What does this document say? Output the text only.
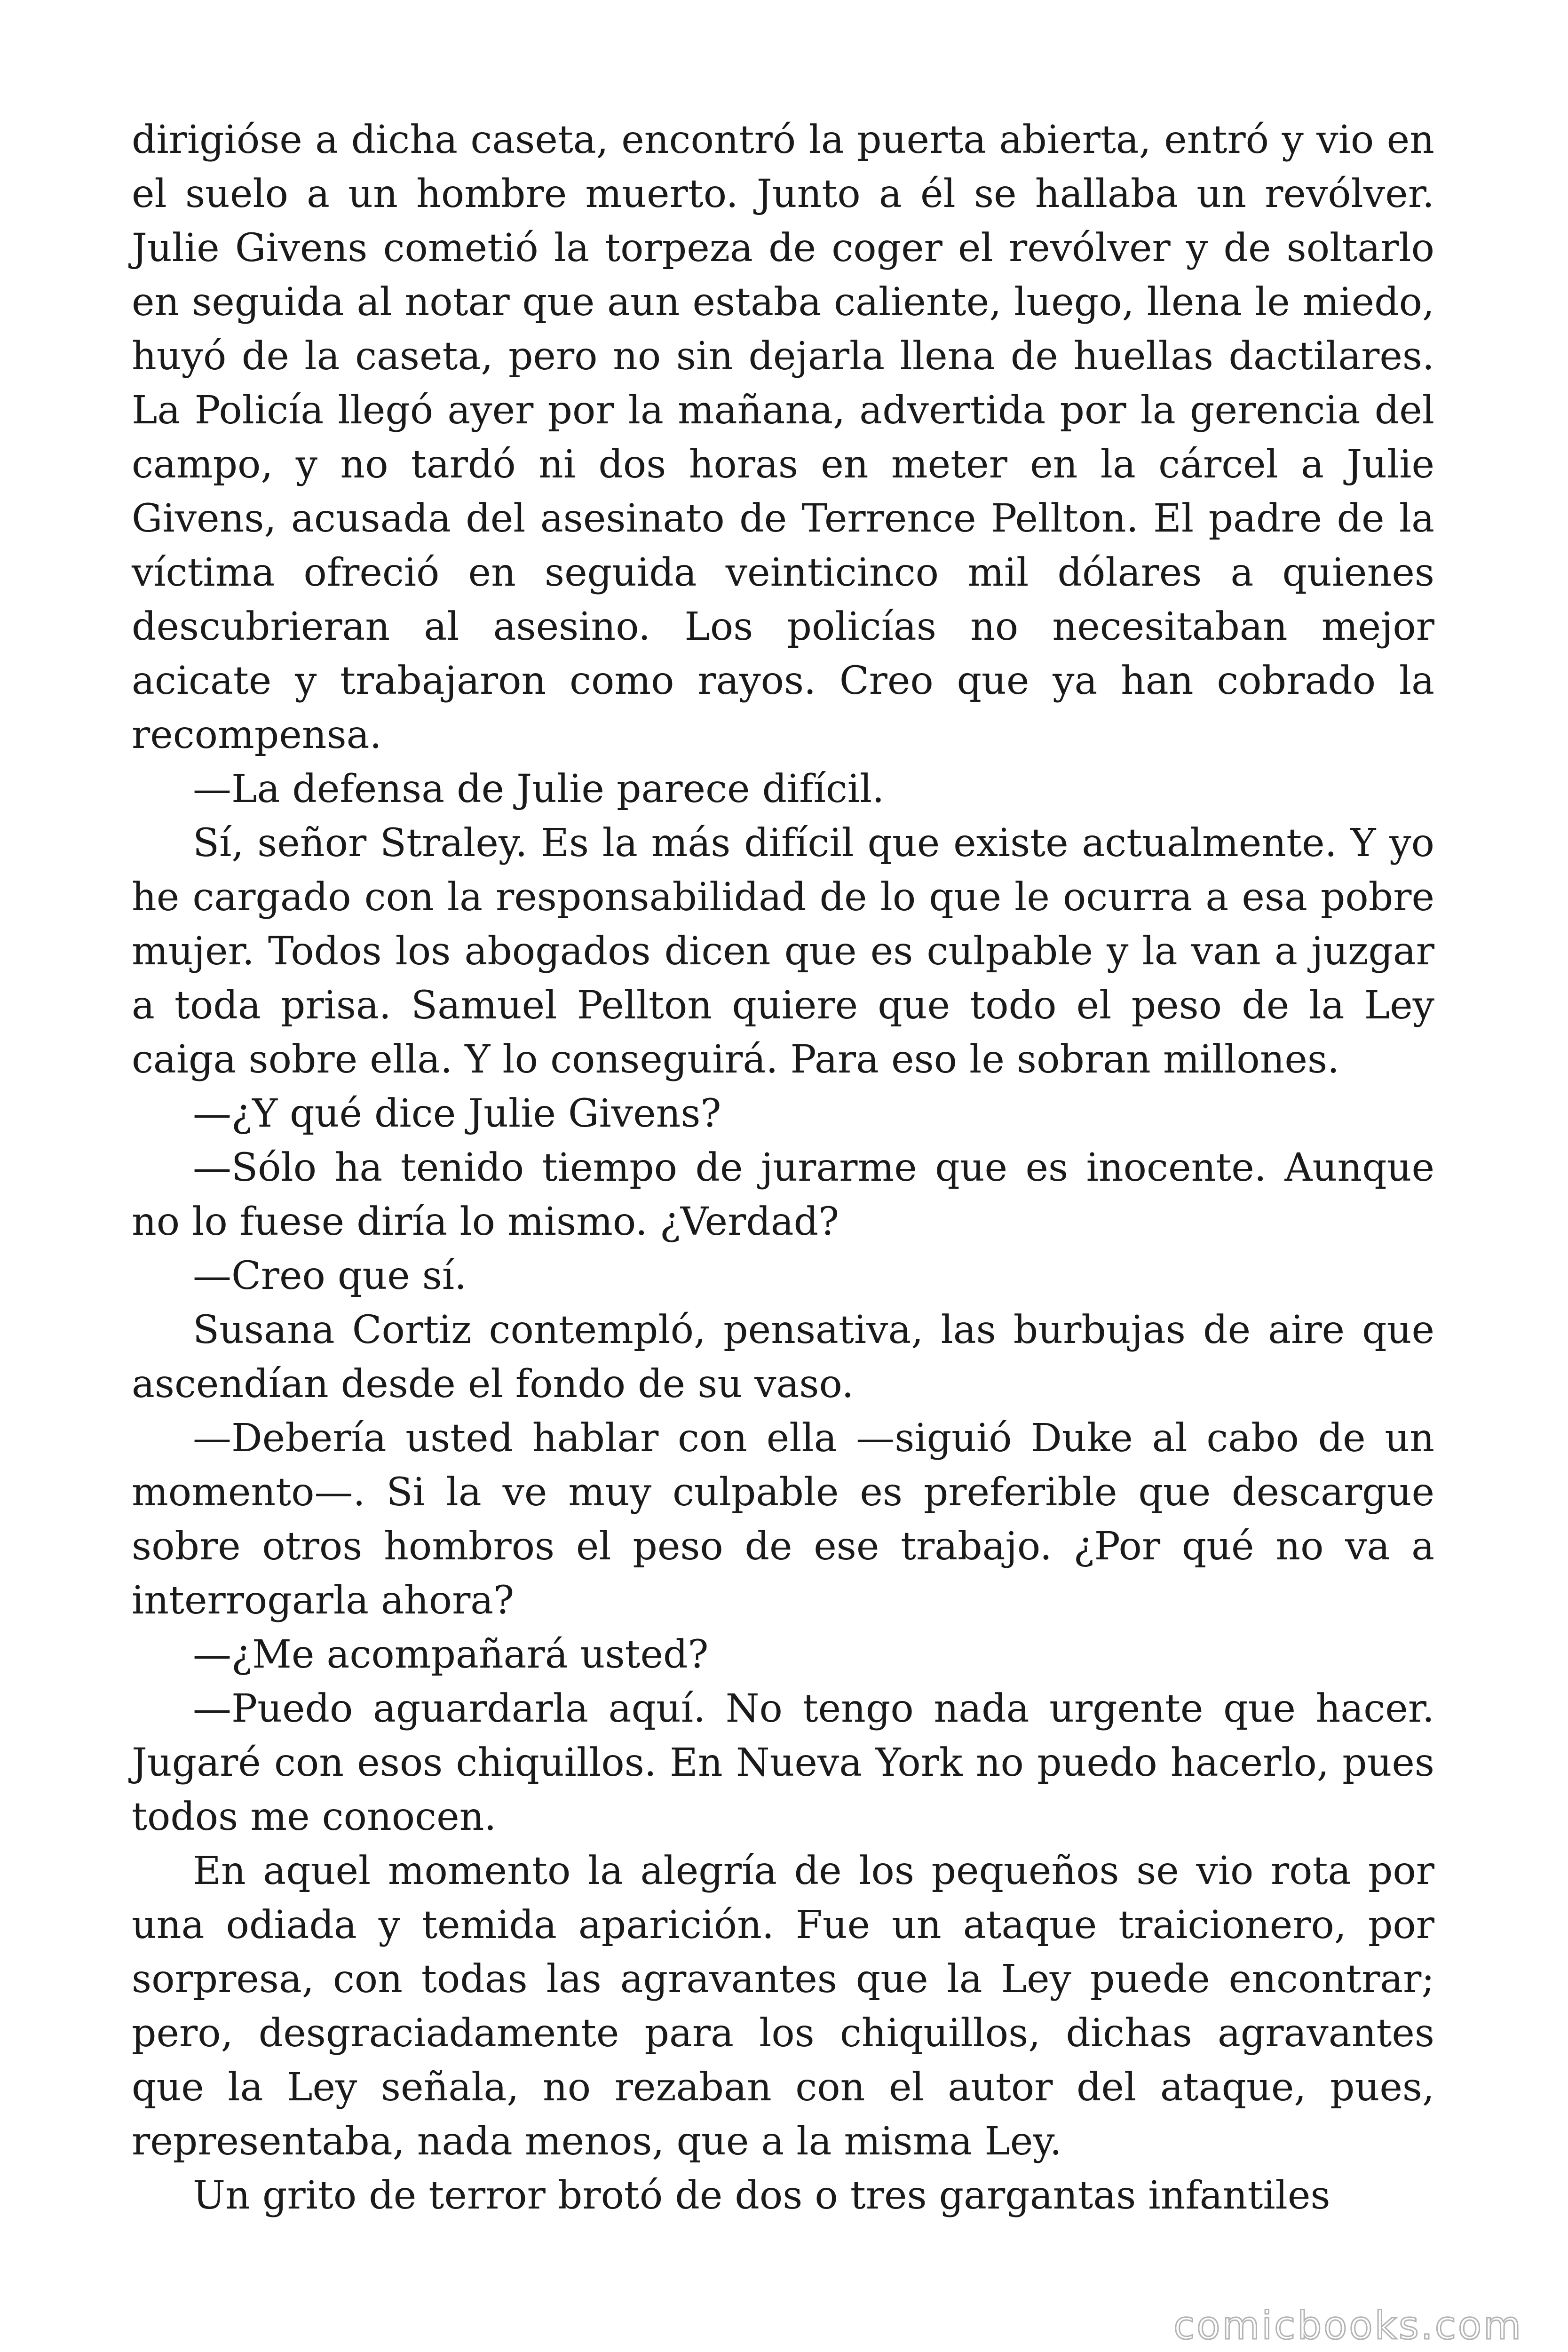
dirigióse a dicha caseta, encontró la puerta abierta, entró y vio en el suelo a un hombre muerto. Junto a él se hallaba un revólver. Julie Givens cometió la torpeza de coger el revólver y de soltarlo en seguida al notar que aun estaba caliente, luego, llena le miedo, huyó de la caseta, pero no sin dejarla llena de huellas dactilares. La Policía llegó ayer por la mañana, advertida por la gerencia del campo, y no tardó ni dos horas en meter en la cárcel a Julie Givens, acusada del asesinato de Terrence Pellton. El padre de la víctima ofreció en seguida veinticinco mil dólares a quienes descubrieran al asesino. Los policías no necesitaban mejor acicate y trabajaron como rayos. Creo que ya han cobrado la recompensa.

—La defensa de Julie parece difícil.

Sí, señor Straley. Es la más difícil que existe actualmente. Y yo he cargado con la responsabilidad de lo que le ocurra a esa pobre mujer. Todos los abogados dicen que es culpable y la van a juzgar a toda prisa. Samuel Pellton quiere que todo el peso de la Ley caiga sobre ella. Y lo conseguirá. Para eso le sobran millones.

—¿Y qué dice Julie Givens?

—Sólo ha tenido tiempo de jurarme que es inocente. Aunque no lo fuese diría lo mismo. ¿Verdad?

—Creo que sí.

Susana Cortiz contempló, pensativa, las burbujas de aire que ascendían desde el fondo de su vaso.

—Debería usted hablar con ella —siguió Duke al cabo de un momento—. Si la ve muy culpable es preferible que descargue sobre otros hombros el peso de ese trabajo. ¿Por qué no va a interrogarla ahora?

—¿Me acompañará usted?

—Puedo aguardarla aquí. No tengo nada urgente que hacer. Jugaré con esos chiquillos. En Nueva York no puedo hacerlo, pues todos me conocen.

En aquel momento la alegría de los pequeños se vio rota por una odiada y temida aparición. Fue un ataque traicionero, por sorpresa, con todas las agravantes que la Ley puede encontrar; pero, desgraciadamente para los chiquillos, dichas agravantes que la Ley señala, no rezaban con el autor del ataque, pues, representaba, nada menos, que a la misma Ley.

Un grito de terror brotó de dos o tres gargantas infantiles

comicbooks.com
